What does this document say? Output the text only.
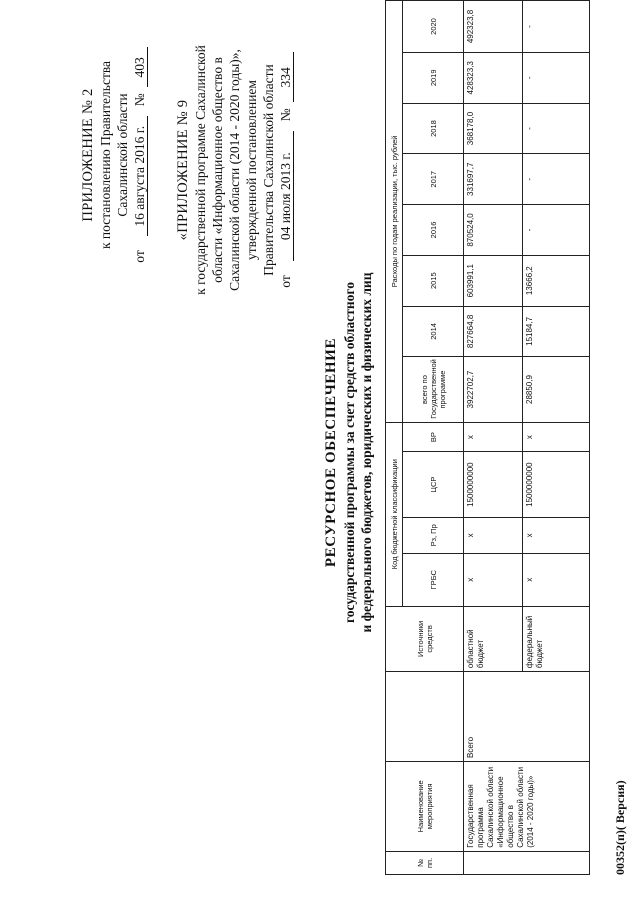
ПРИЛОЖЕНИЕ № 2 к постановлению Правительства Сахалинской области
от
16 августа 2016 г.
№
403
«ПРИЛОЖЕНИЕ № 9 к государственной программе Сахалинской области «Информационное общество в Сахалинской области (2014 - 2020 годы)», утвержденной постановлением Правительства Сахалинской области
от
04 июля 2013 г.
№
334
РЕСУРСНОЕ ОБЕСПЕЧЕНИЕ государственной программы за счет средств областного и федерального бюджетов, юридических и физических лиц
№ пп.	Наименование мероприятия		Источники средств	Код бюджетной классификации				Расходы по годам реализации, тыс. рублей							
				ГРБС	Рз, Пр	ЦСР	ВР	всего по Государственной программе	2014	2015	2016	2017	2018	2019	2020
	Государственная программа Сахалинской области «Информационное общество в Сахалинской области (2014 - 2020 годы)»	Всего	областной бюджет	х	х	1500000000	х	3922702,7	827664,8	603991,1	870524,0	331697,7	368178,0	428323,3	492323,8
			федеральный бюджет	х	х	1500000000	х	28850,9	15184,7	13666,2	-	-	-	-	-
00352(п)( Версия)
